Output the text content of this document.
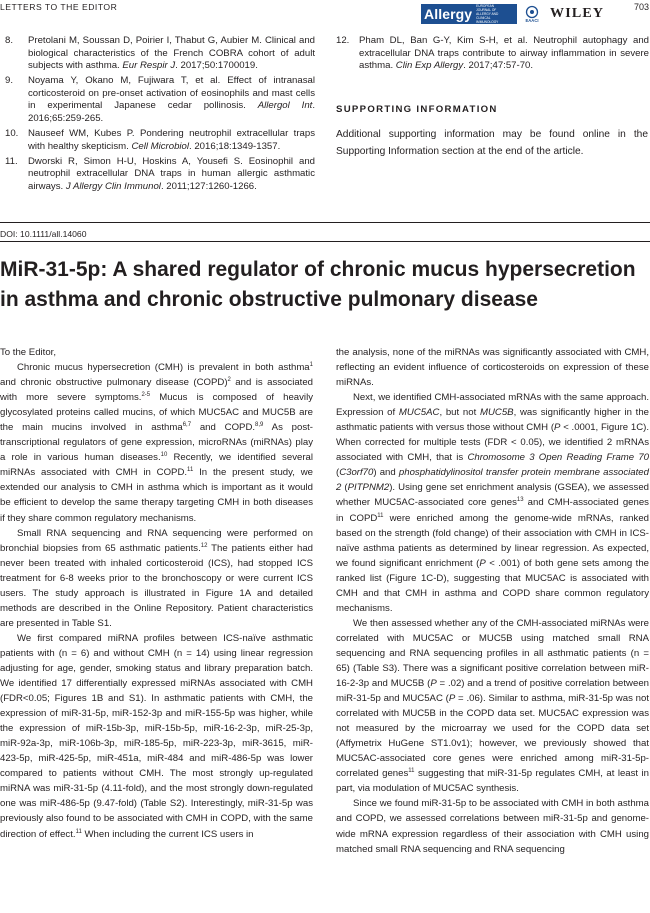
LETTERS TO THE EDITOR	Allergy EUROPEAN JOURNAL OF ALLERGY AND CLINICAL IMMUNOLOGY	EAACI WILEY	703
8.	Pretolani M, Soussan D, Poirier I, Thabut G, Aubier M. Clinical and biological characteristics of the French COBRA cohort of adult subjects with asthma. Eur Respir J. 2017;50:1700019.
9.	Noyama Y, Okano M, Fujiwara T, et al. Effect of intranasal corticosteroid on pre-onset activation of eosinophils and mast cells in experimental Japanese cedar pollinosis. Allergol Int. 2016;65:259-265.
10.	Nauseef WM, Kubes P. Pondering neutrophil extracellular traps with healthy skepticism. Cell Microbiol. 2016;18:1349-1357.
11.	Dworski R, Simon H-U, Hoskins A, Yousefi S. Eosinophil and neutrophil extracellular DNA traps in human allergic asthmatic airways. J Allergy Clin Immunol. 2011;127:1260-1266.
12.	Pham DL, Ban G-Y, Kim S-H, et al. Neutrophil autophagy and extracellular DNA traps contribute to airway inflammation in severe asthma. Clin Exp Allergy. 2017;47:57-70.
SUPPORTING INFORMATION
Additional supporting information may be found online in the Supporting Information section at the end of the article.
DOI: 10.1111/all.14060
MiR-31-5p: A shared regulator of chronic mucus hypersecretion in asthma and chronic obstructive pulmonary disease

To the Editor,

Chronic mucus hypersecretion (CMH) is prevalent in both asthma$^1$ and chronic obstructive pulmonary disease (COPD)$^2$ and is associated with more severe symptoms.$^{2-5}$ Mucus is composed of heavily glycosylated proteins called mucins, of which MUC5AC and MUC5B are the main mucins involved in asthma$^{6,7}$ and COPD.$^{8,9}$ As post-transcriptional regulators of gene expression, microRNAs (miRNAs) play a role in various human diseases.$^{10}$ Recently, we identified several miRNAs associated with CMH in COPD.$^{11}$ In the present study, we extended our analysis to CMH in asthma which is important as it would be efficient to develop the same therapy targeting CMH in both diseases if they share common regulatory mechanisms.

Small RNA sequencing and RNA sequencing were performed on bronchial biopsies from 65 asthmatic patients.$^{12}$ The patients either had never been treated with inhaled corticosteroid (ICS), had stopped ICS treatment for 6-8 weeks prior to the bronchoscopy or were current ICS users. The study approach is illustrated in Figure 1A and detailed methods are described in the Online Repository. Patient characteristics are presented in Table S1.

We first compared miRNA profiles between ICS-naïve asthmatic patients with (n = 6) and without CMH (n = 14) using linear regression adjusting for age, gender, smoking status and library preparation batch. We identified 17 differentially expressed miRNAs associated with CMH (FDR<0.05; Figures 1B and S1). In asthmatic patients with CMH, the expression of miR-31-5p, miR-152-3p and miR-155-5p was higher, while the expression of miR-15b-3p, miR-15b-5p, miR-16-2-3p, miR-25-3p, miR-92a-3p, miR-106b-3p, miR-185-5p, miR-223-3p, miR-3615, miR-423-5p, miR-425-5p, miR-451a, miR-484 and miR-486-5p was lower compared to patients without CMH. The most strongly up-regulated miRNA was miR-31-5p (4.11-fold), and the most strongly down-regulated one was miR-486-5p (9.47-fold) (Table S2). Interestingly, miR-31-5p was previously also found to be associated with CMH in COPD, with the same direction of effect.$^{11}$ When including the current ICS users in

the analysis, none of the miRNAs was significantly associated with CMH, reflecting an evident influence of corticosteroids on expression of these miRNAs.

Next, we identified CMH-associated mRNAs with the same approach. Expression of MUC5AC, but not MUC5B, was significantly higher in the asthmatic patients with versus those without CMH (P < .0001, Figure 1C). When corrected for multiple tests (FDR < 0.05), we identified 2 mRNAs associated with CMH, that is Chromosome 3 Open Reading Frame 70 (C3orf70) and phosphatidylinositol transfer protein membrane associated 2 (PITPNM2). Using gene set enrichment analysis (GSEA), we assessed whether MUC5AC-associated core genes$^{13}$ and CMH-associated genes in COPD$^{11}$ were enriched among the genome-wide mRNAs, ranked based on the strength (fold change) of their association with CMH in ICS-naïve asthma patients as determined by linear regression. As expected, we found significant enrichment (P < .001) of both gene sets among the ranked list (Figure 1C-D), suggesting that MUC5AC is associated with CMH and that CMH in asthma and COPD share common regulatory mechanisms.

We then assessed whether any of the CMH-associated miRNAs were correlated with MUC5AC or MUC5B using matched small RNA sequencing and RNA sequencing profiles in all asthmatic patients (n = 65) (Table S3). There was a significant positive correlation between miR-16-2-3p and MUC5B (P = .02) and a trend of positive correlation between miR-31-5p and MUC5AC (P = .06). Similar to asthma, miR-31-5p was not correlated with MUC5B in the COPD data set. MUC5AC expression was not measured by the microarray we used for the COPD data set (Affymetrix HuGene ST1.0v1); however, we previously showed that MUC5AC-associated core genes were enriched among miR-31-5p-correlated genes$^{11}$ suggesting that miR-31-5p regulates CMH, at least in part, via modulation of MUC5AC synthesis.

Since we found miR-31-5p to be associated with CMH in both asthma and COPD, we assessed correlations between miR-31-5p and genome-wide mRNA expression regardless of their association with CMH using matched small RNA sequencing and RNA sequencing
